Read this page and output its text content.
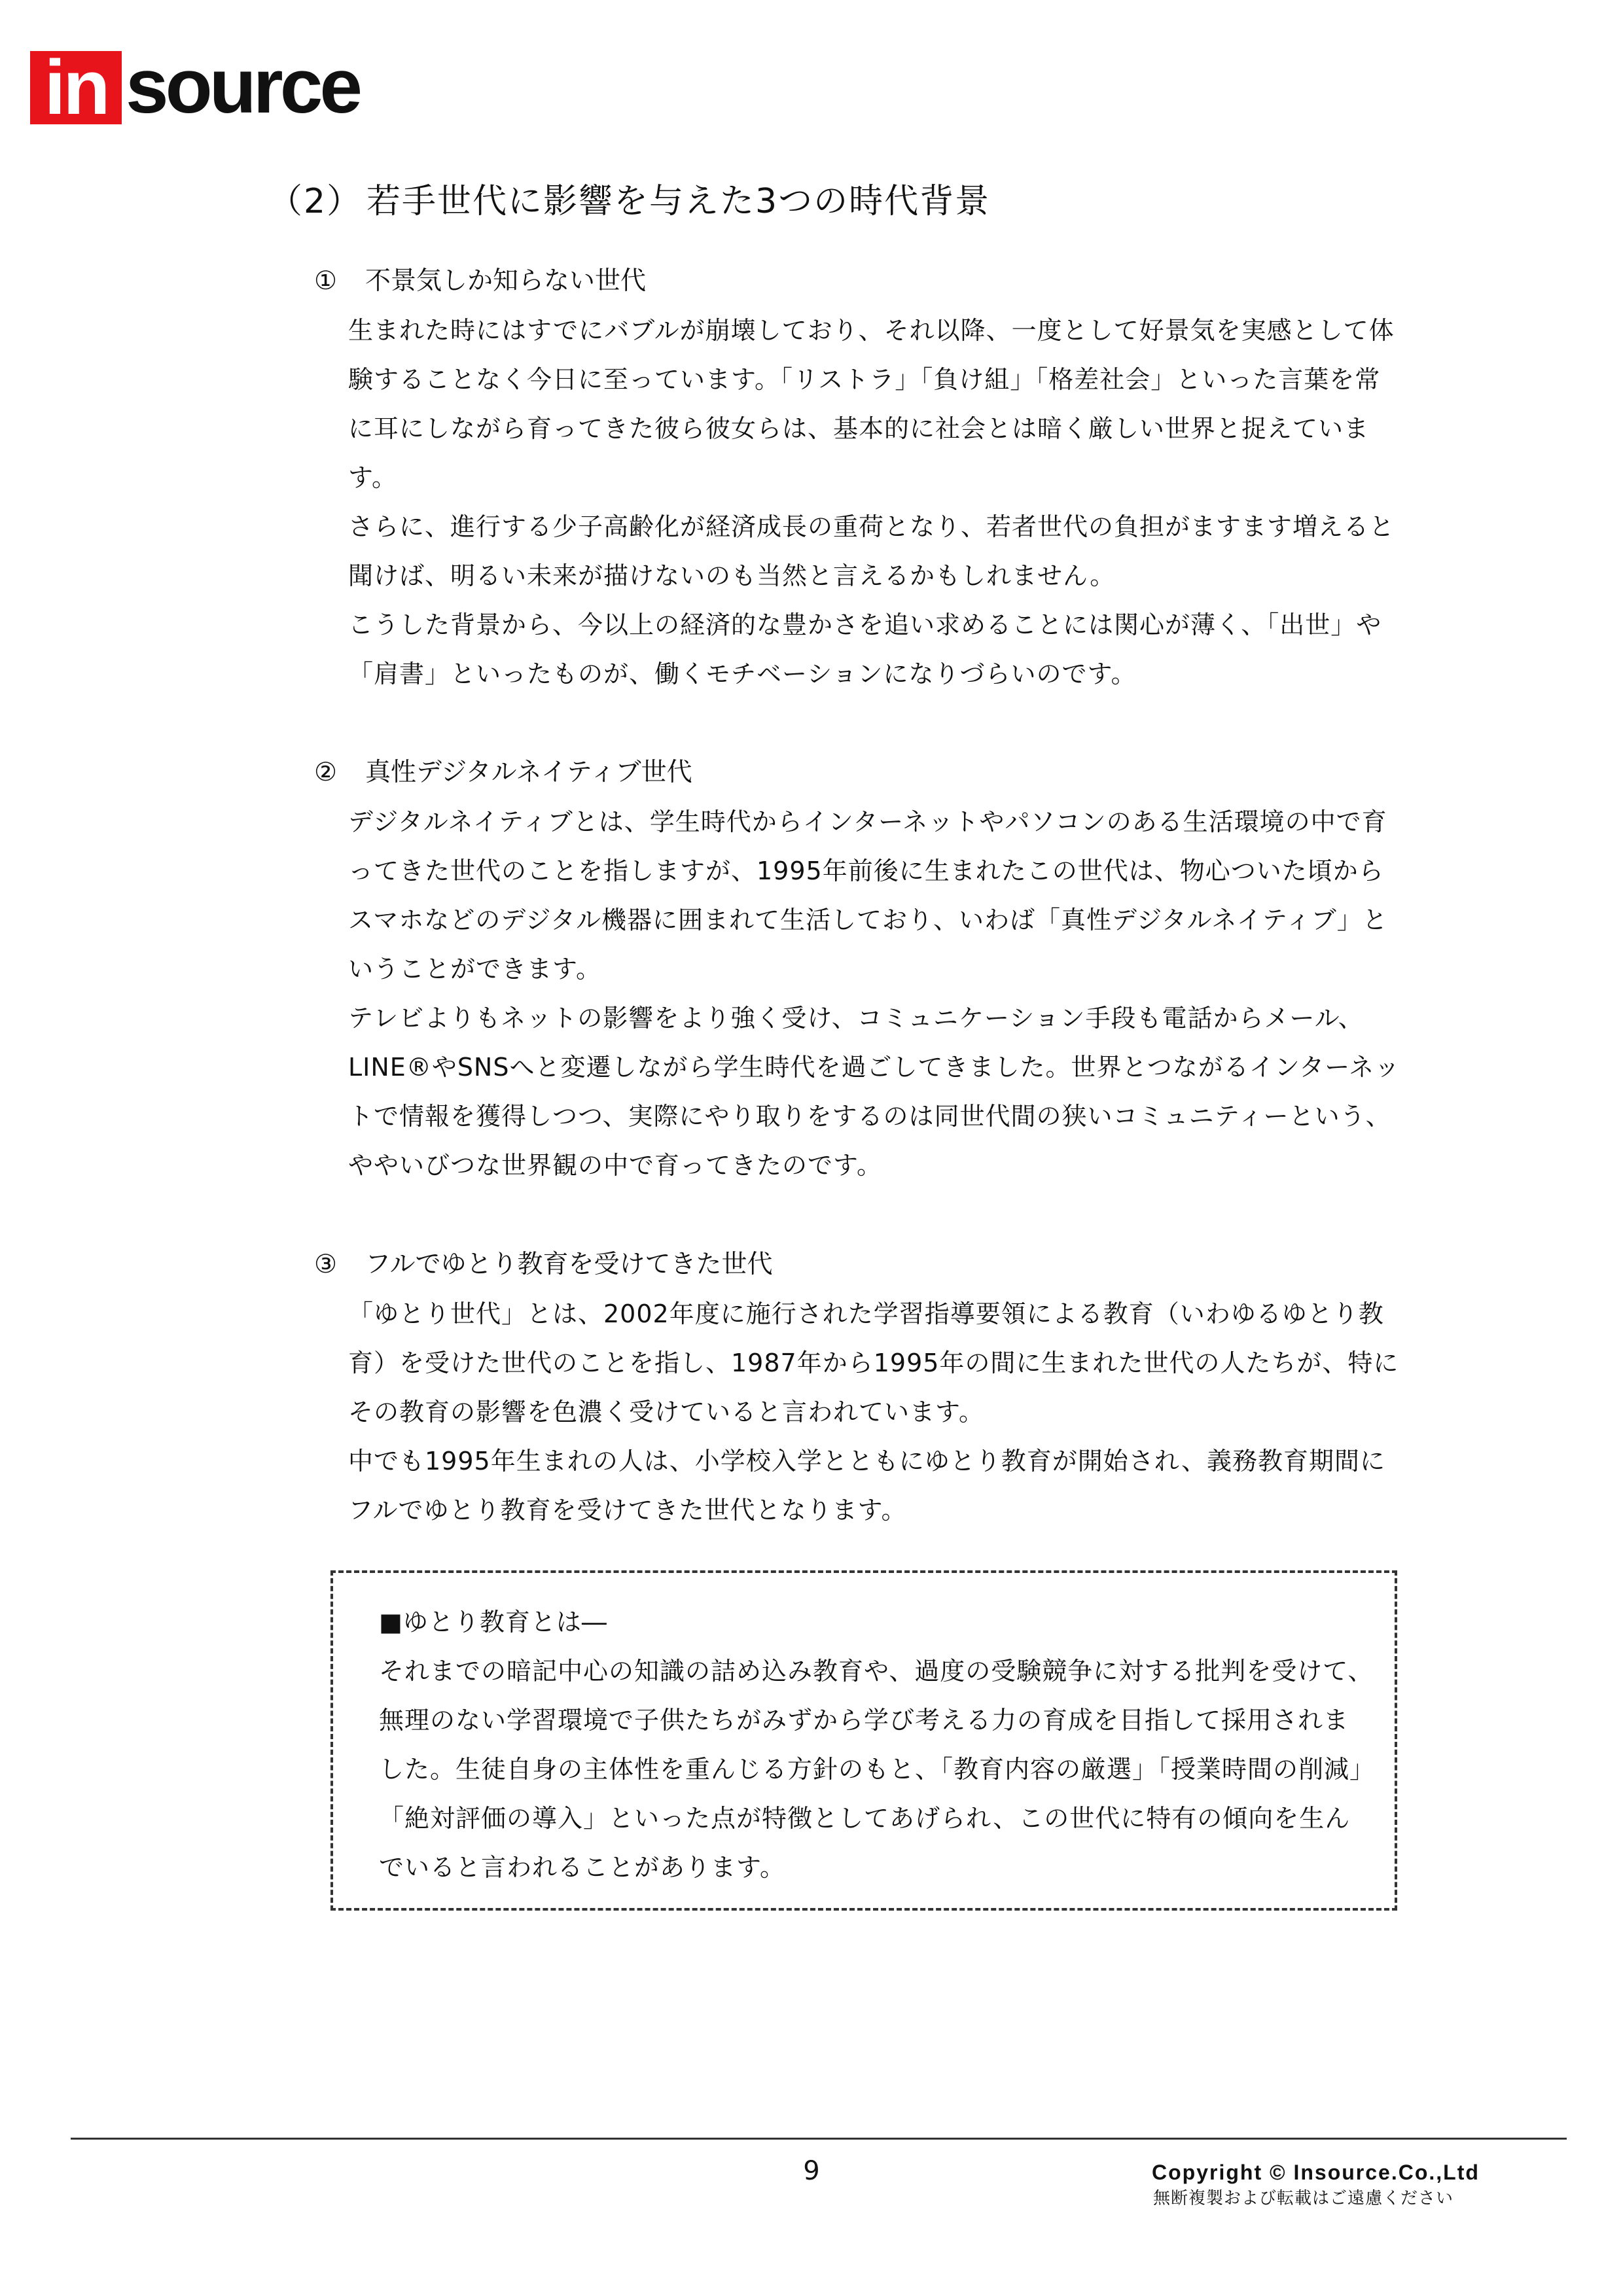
in source
（2） 若手世代に影響を与えた3つの時代背景
① 不景気しか知らない世代

生まれた時にはすでにバブルが崩壊しており、それ以降、一度として好景気を実感として体験することなく今日に至っています。「リストラ」「負け組」「格差社会」といった言葉を常に耳にしながら育ってきた彼ら彼女らは、基本的に社会とは暗く厳しい世界と捉えています。

さらに、進行する少子高齢化が経済成長の重荷となり、若者世代の負担がますます増えると聞けば、明るい未来が描けないのも当然と言えるかもしれません。

こうした背景から、今以上の経済的な豊かさを追い求めることには関心が薄く、「出世」や「肩書」といったものが、働くモチベーションになりづらいのです。

② 真性デジタルネイティブ世代

デジタルネイティブとは、学生時代からインターネットやパソコンのある生活環境の中で育ってきた世代のことを指しますが、1995年前後に生まれたこの世代は、物心ついた頃からスマホなどのデジタル機器に囲まれて生活しており、いわば「真性デジタルネイティブ」ということができます。

テレビよりもネットの影響をより強く受け、コミュニケーション手段も電話からメール、LINE®やSNSへと変遷しながら学生時代を過ごしてきました。世界とつながるインターネットで情報を獲得しつつ、実際にやり取りをするのは同世代間の狭いコミュニティーという、ややいびつな世界観の中で育ってきたのです。

③ フルでゆとり教育を受けてきた世代

「ゆとり世代」とは、2002年度に施行された学習指導要領による教育（いわゆるゆとり教育）を受けた世代のことを指し、1987年から1995年の間に生まれた世代の人たちが、特にその教育の影響を色濃く受けていると言われています。

中でも1995年生まれの人は、小学校入学とともにゆとり教育が開始され、義務教育期間にフルでゆとり教育を受けてきた世代となります。

■ゆとり教育とは―

それまでの暗記中心の知識の詰め込み教育や、過度の受験競争に対する批判を受けて、無理のない学習環境で子供たちがみずから学び考える力の育成を目指して採用されました。生徒自身の主体性を重んじる方針のもと、「教育内容の厳選」「授業時間の削減」「絶対評価の導入」といった点が特徴としてあげられ、この世代に特有の傾向を生んでいると言われることがあります。

9	Copyright © Insource.Co.,Ltd
無断複製および転載はご遠慮ください
